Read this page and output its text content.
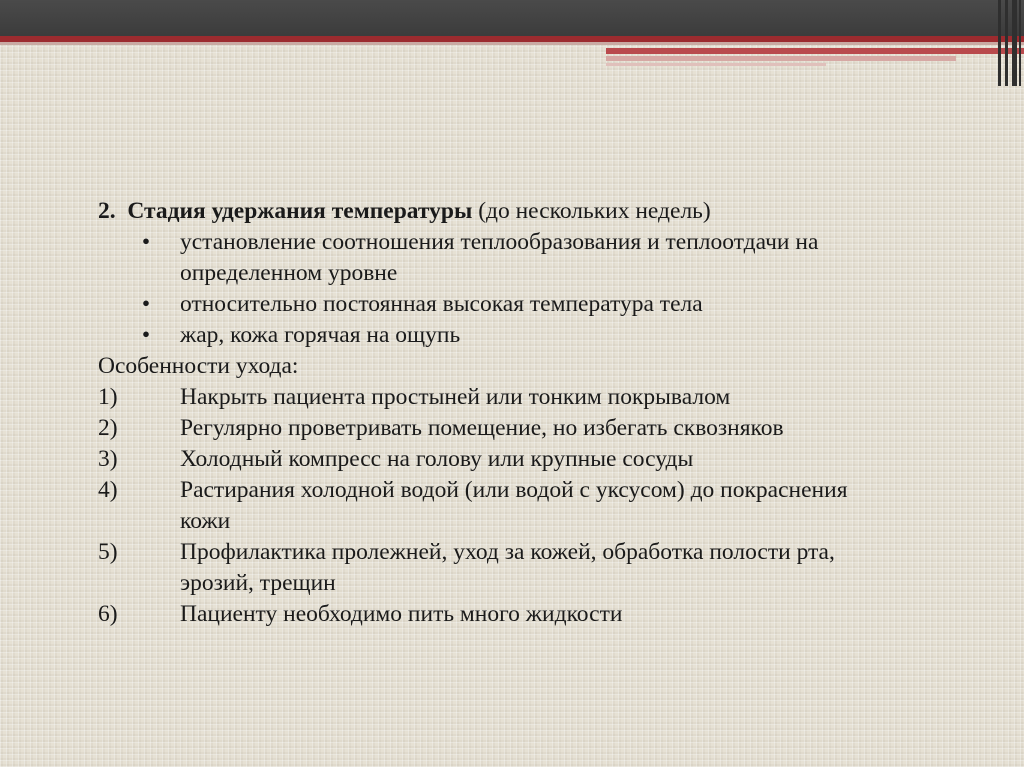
2. Стадия удержания температуры (до нескольких недель)
•	установление соотношения теплообразования и теплоотдачи на определенном уровне
•	относительно постоянная высокая температура тела
•	жар, кожа горячая на ощупь
Особенности ухода:
1)	Накрыть пациента простыней или тонким покрывалом
2)	Регулярно проветривать помещение, но избегать сквозняков
3)	Холодный компресс на голову или крупные сосуды
4)	Растирания холодной водой (или водой с уксусом) до покраснения кожи
5)	Профилактика пролежней, уход за кожей, обработка полости рта, эрозий, трещин
6)	Пациенту необходимо пить много жидкости
